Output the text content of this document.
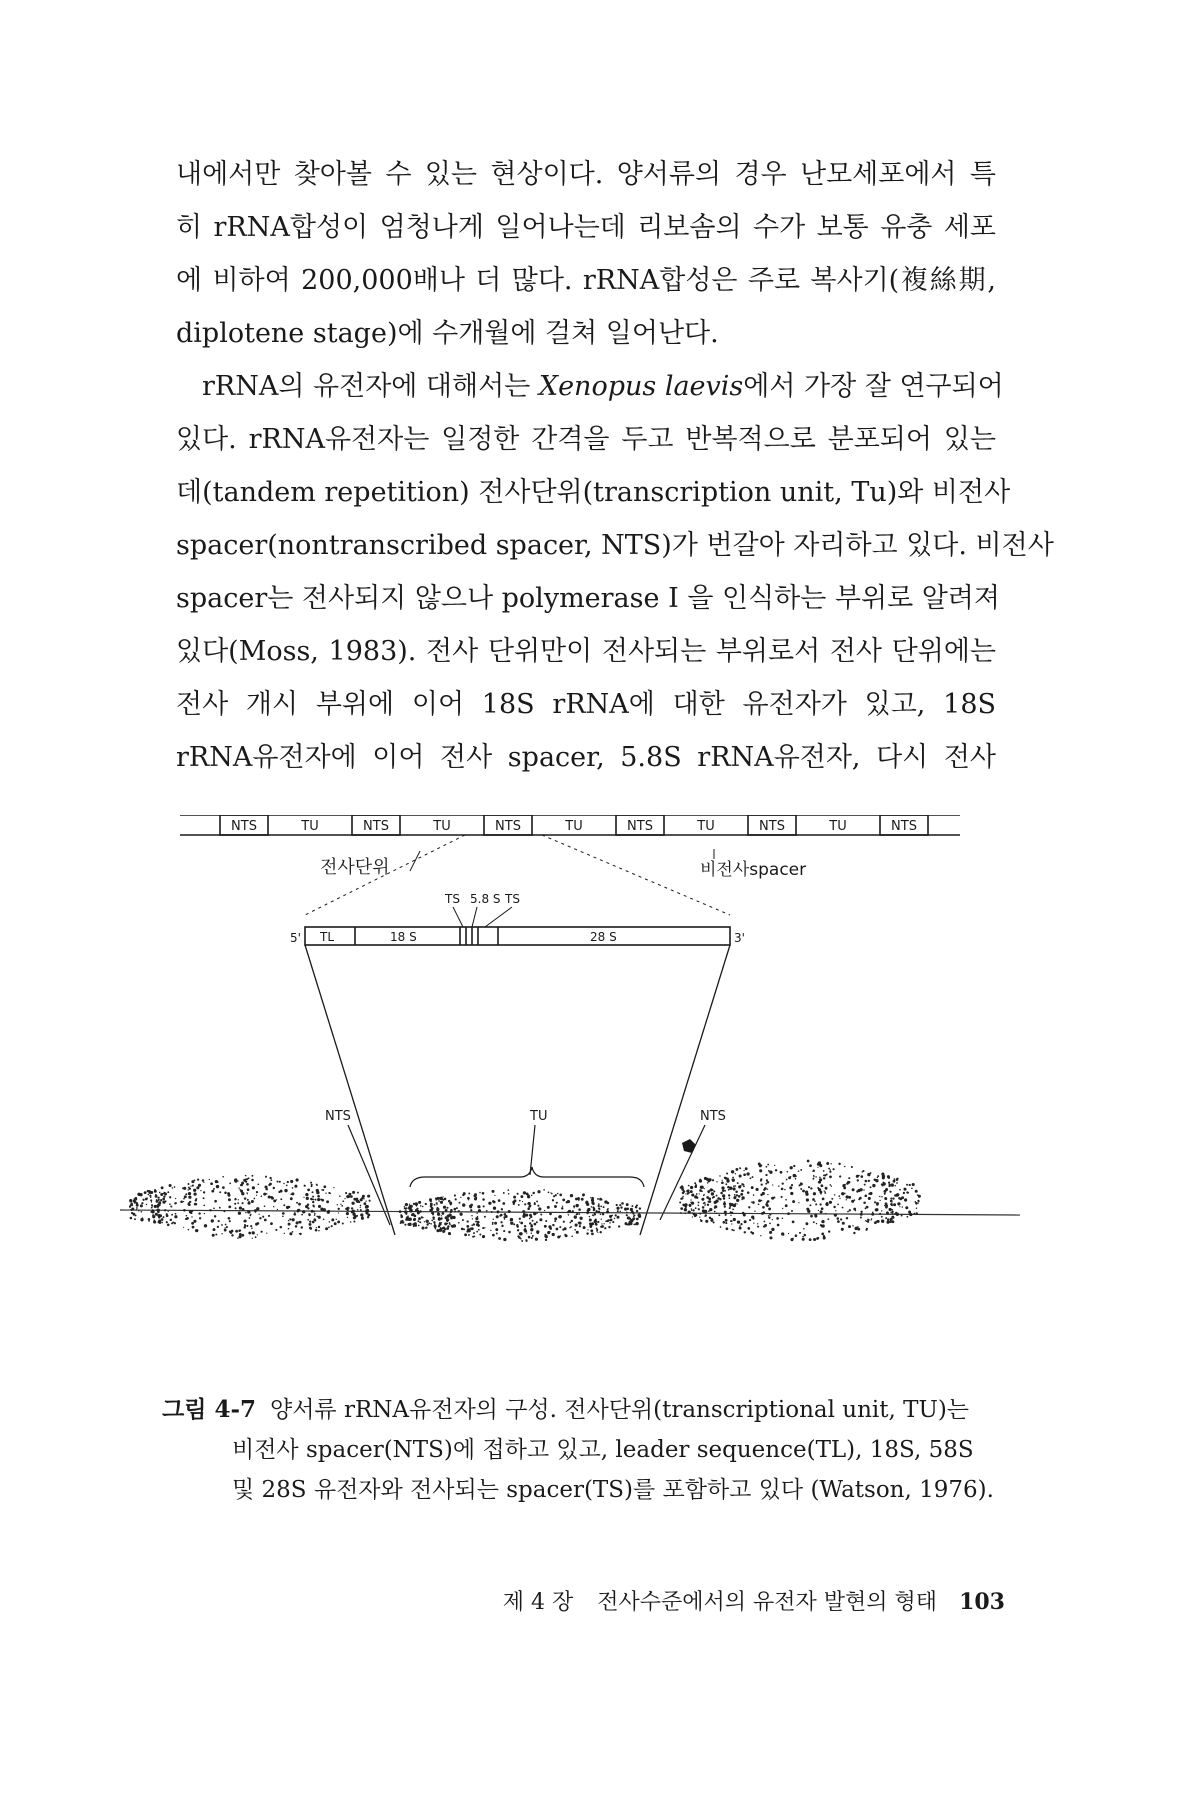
내에서만 찾아볼 수 있는 현상이다. 양서류의 경우 난모세포에서 특
히 rRNA합성이 엄청나게 일어나는데 리보솜의 수가 보통 유충 세포
에 비하여 200,000배나 더 많다. rRNA합성은 주로 복사기(複絲期,
diplotene stage)에 수개월에 걸쳐 일어난다.
rRNA의 유전자에 대해서는 Xenopus laevis에서 가장 잘 연구되어
있다. rRNA유전자는 일정한 간격을 두고 반복적으로 분포되어 있는
데(tandem repetition) 전사단위(transcription unit, Tu)와 비전사
spacer(nontranscribed spacer, NTS)가 번갈아 자리하고 있다. 비전사
spacer는 전사되지 않으나 polymerase I 을 인식하는 부위로 알려져
있다(Moss, 1983). 전사 단위만이 전사되는 부위로서 전사 단위에는
전사 개시 부위에 이어 18S rRNA에 대한 유전자가 있고, 18S
rRNA유전자에 이어 전사 spacer, 5.8S rRNA유전자, 다시 전사
NTS	TU	NTS	TU	NTS	TU	NTS	TU	NTS	TU	NTS
전사단위	비전사spacer
TS 5.8 S TS
5'	3'
TL	18 S	28 S
NTS	TU	NTS
그림 4-7 양서류 rRNA유전자의 구성. 전사단위(transcriptional unit, TU)는
비전사 spacer(NTS)에 접하고 있고, leader sequence(TL), 18S, 58S
및 28S 유전자와 전사되는 spacer(TS)를 포함하고 있다 (Watson, 1976).
제 4 장 전사수준에서의 유전자 발현의 형태 103
